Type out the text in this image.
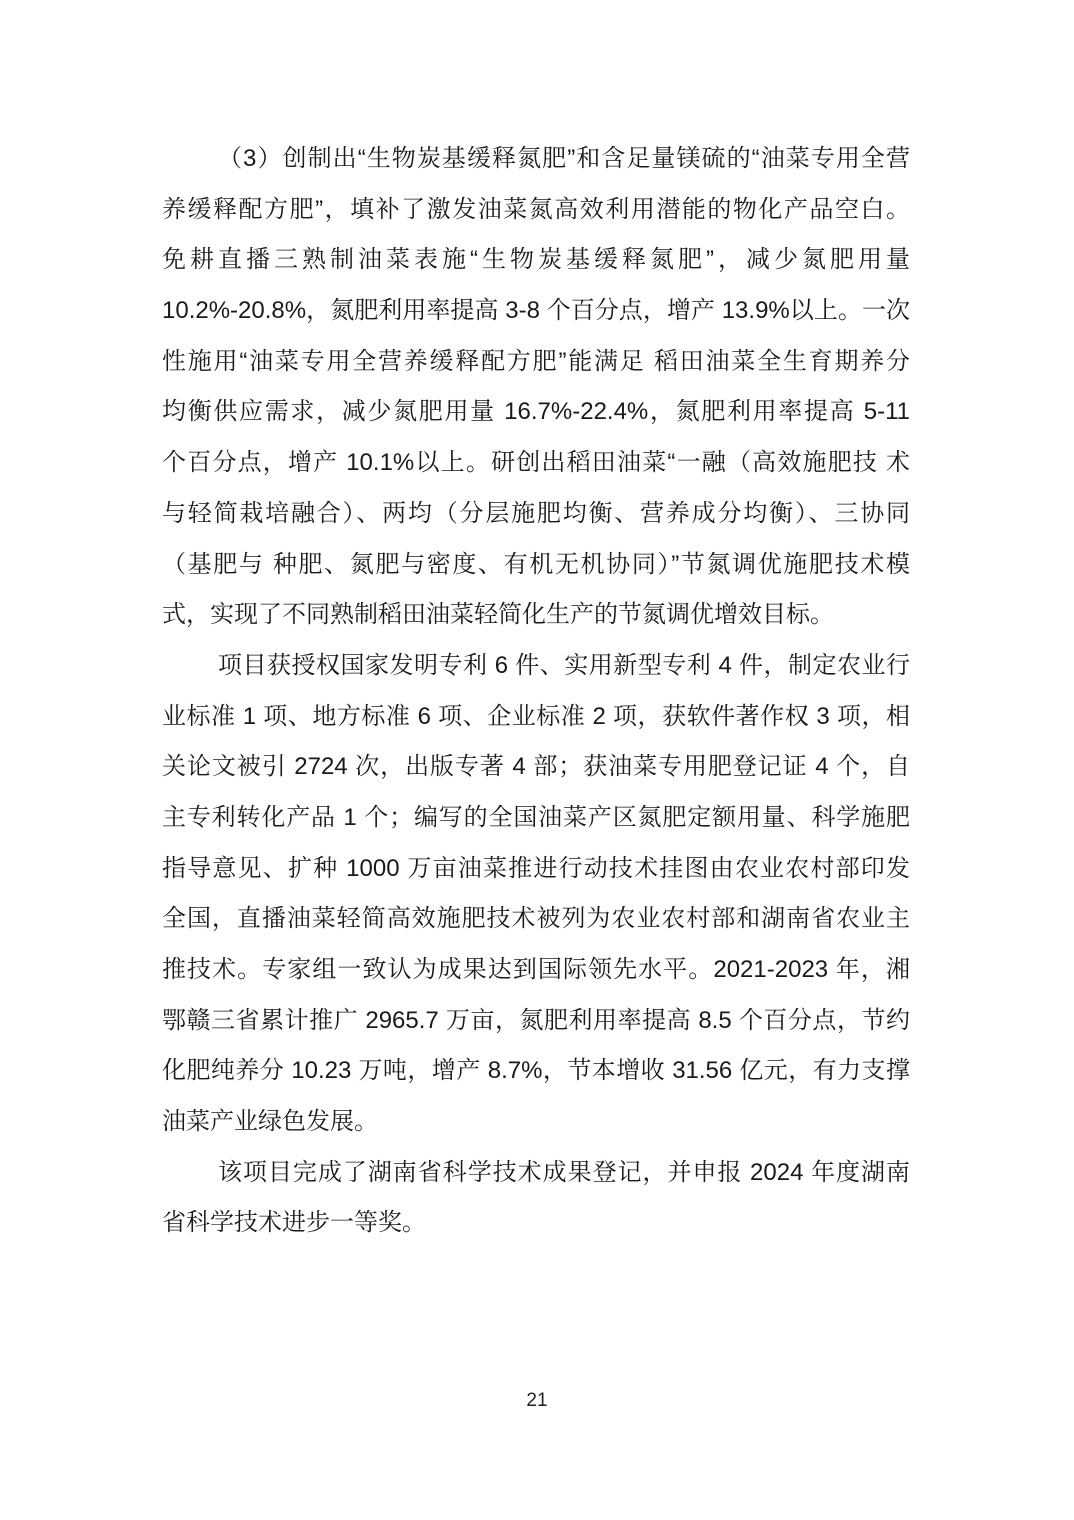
（3）创制出“生物炭基缓释氮肥”和含足量镁硫的“油菜专用全营
养缓释配方肥”，填补了激发油菜氮高效利用潜能的物化产品空白。
免耕直播三熟制油菜表施“生物炭基缓释氮肥”，减少氮肥用量
10.2%-20.8%，氮肥利用率提高 3-8 个百分点，增产 13.9%以上。一次
性施用“油菜专用全营养缓释配方肥”能满足 稻田油菜全生育期养分
均衡供应需求，减少氮肥用量 16.7%-22.4%，氮肥利用率提高 5-11
个百分点，增产 10.1%以上。研创出稻田油菜“一融（高效施肥技 术
与轻简栽培融合）、两均（分层施肥均衡、营养成分均衡）、三协同
（基肥与 种肥、氮肥与密度、有机无机协同）”节氮调优施肥技术模
式，实现了不同熟制稻田油菜轻简化生产的节氮调优增效目标。
项目获授权国家发明专利 6 件、实用新型专利 4 件，制定农业行
业标准 1 项、地方标准 6 项、企业标准 2 项，获软件著作权 3 项，相
关论文被引 2724 次，出版专著 4 部；获油菜专用肥登记证 4 个，自
主专利转化产品 1 个；编写的全国油菜产区氮肥定额用量、科学施肥
指导意见、扩种 1000 万亩油菜推进行动技术挂图由农业农村部印发
全国，直播油菜轻简高效施肥技术被列为农业农村部和湖南省农业主
推技术。专家组一致认为成果达到国际领先水平。2021-2023 年，湘
鄂赣三省累计推广 2965.7 万亩，氮肥利用率提高 8.5 个百分点，节约
化肥纯养分 10.23 万吨，增产 8.7%，节本增收 31.56 亿元，有力支撑
油菜产业绿色发展。
该项目完成了湖南省科学技术成果登记，并申报 2024 年度湖南
省科学技术进步一等奖。
21
